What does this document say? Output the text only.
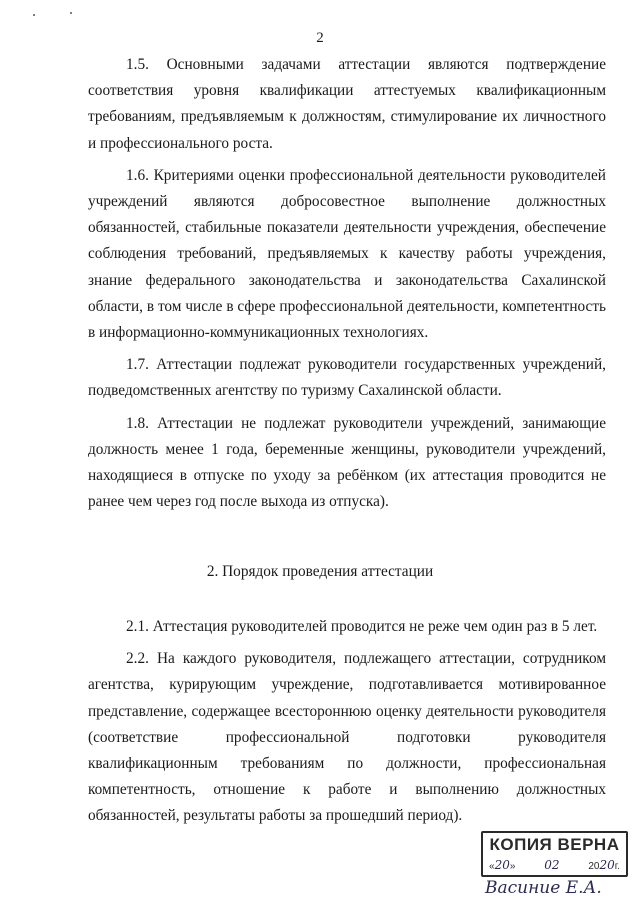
2

1.5. Основными задачами аттестации являются подтверждение соответствия уровня квалификации аттестуемых квалификационным требованиям, предъявляемым к должностям, стимулирование их личностного и профессионального роста.

1.6. Критериями оценки профессиональной деятельности руководителей учреждений являются добросовестное выполнение должностных обязанностей, стабильные показатели деятельности учреждения, обеспечение соблюдения требований, предъявляемых к качеству работы учреждения, знание федерального законодательства и законодательства Сахалинской области, в том числе в сфере профессиональной деятельности, компетентность в информационно-коммуникационных технологиях.

1.7. Аттестации подлежат руководители государственных учреждений, подведомственных агентству по туризму Сахалинской области.

1.8. Аттестации не подлежат руководители учреждений, занимающие должность менее 1 года, беременные женщины, руководители учреждений, находящиеся в отпуске по уходу за ребёнком (их аттестация проводится не ранее чем через год после выхода из отпуска).

2. Порядок проведения аттестации

2.1. Аттестация руководителей проводится не реже чем один раз в 5 лет.

2.2. На каждого руководителя, подлежащего аттестации, сотрудником агентства, курирующим учреждение, подготавливается мотивированное представление, содержащее всестороннюю оценку деятельности руководителя (соответствие профессиональной подготовки руководителя квалификационным требованиям по должности, профессиональная компетентность, отношение к работе и выполнению должностных обязанностей, результаты работы за прошедший период).

КОПИЯ ВЕРНА
«20» 02	2020г.
Васиние Е.А.
